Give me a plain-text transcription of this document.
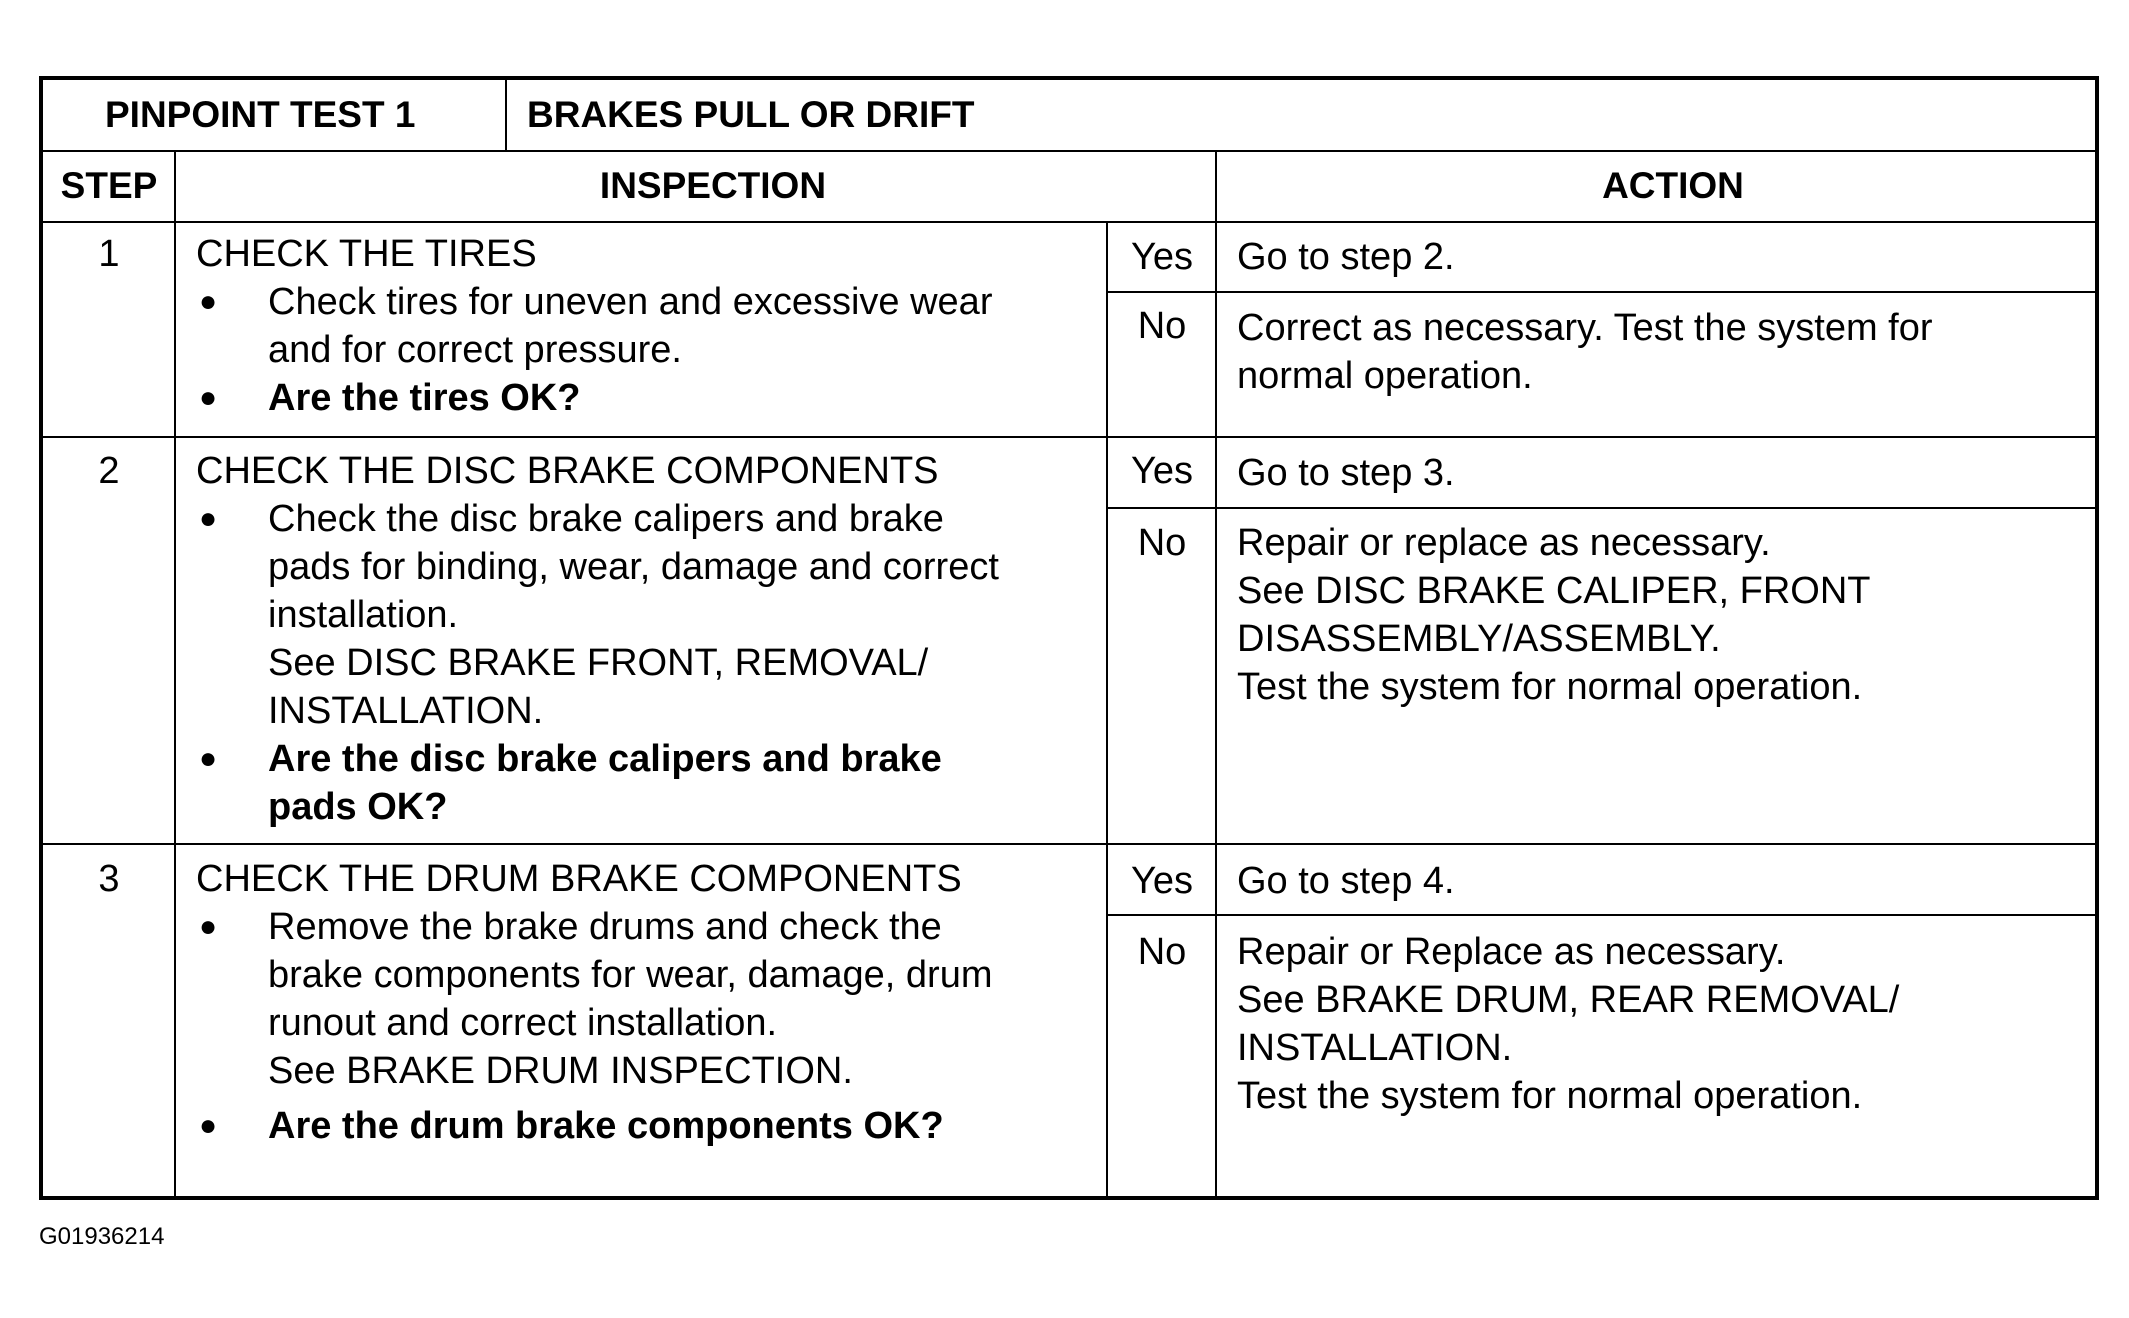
PINPOINT TEST 1	BRAKES PULL OR DRIFT
STEP	INSPECTION	ACTION
1	CHECK THE TIRES
● Check tires for uneven and excessive wear
and for correct pressure.
● Are the tires OK?
Yes	Go to step 2.
No	Correct as necessary. Test the system for
normal operation.
2	CHECK THE DISC BRAKE COMPONENTS
● Check the disc brake calipers and brake
pads for binding, wear, damage and correct
installation.
See DISC BRAKE FRONT, REMOVAL/
INSTALLATION.
● Are the disc brake calipers and brake
pads OK?
Yes	Go to step 3.
No	Repair or replace as necessary.
See DISC BRAKE CALIPER, FRONT
DISASSEMBLY/ASSEMBLY.
Test the system for normal operation.
3	CHECK THE DRUM BRAKE COMPONENTS
● Remove the brake drums and check the
brake components for wear, damage, drum
runout and correct installation.
See BRAKE DRUM INSPECTION.
● Are the drum brake components OK?
Yes	Go to step 4.
No	Repair or Replace as necessary.
See BRAKE DRUM, REAR REMOVAL/
INSTALLATION.
Test the system for normal operation.
G01936214
